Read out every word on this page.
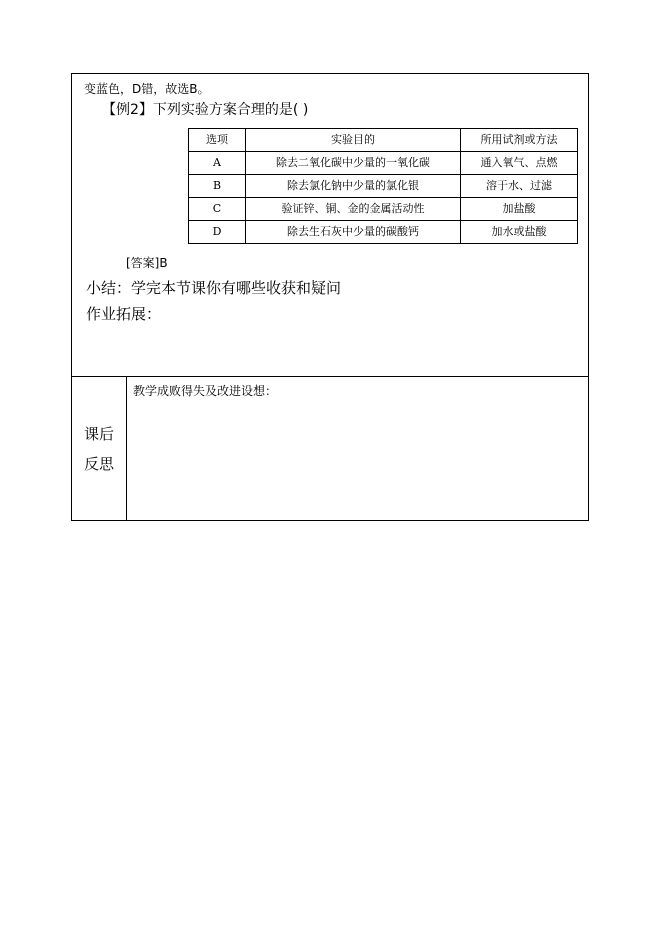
变蓝色，D错，故选B。

【例2】下列实验方案合理的是( )

选项	实验目的	所用试剂或方法
A	除去二氧化碳中少量的一氧化碳	通入氧气、点燃
B	除去氯化钠中少量的氯化银	溶于水、过滤
C	验证锌、铜、金的金属活动性	加盐酸
D	除去生石灰中少量的碳酸钙	加水或盐酸

[答案]B

小结：学完本节课你有哪些收获和疑问

作业拓展：

课后
反思
教学成败得失及改进设想：
